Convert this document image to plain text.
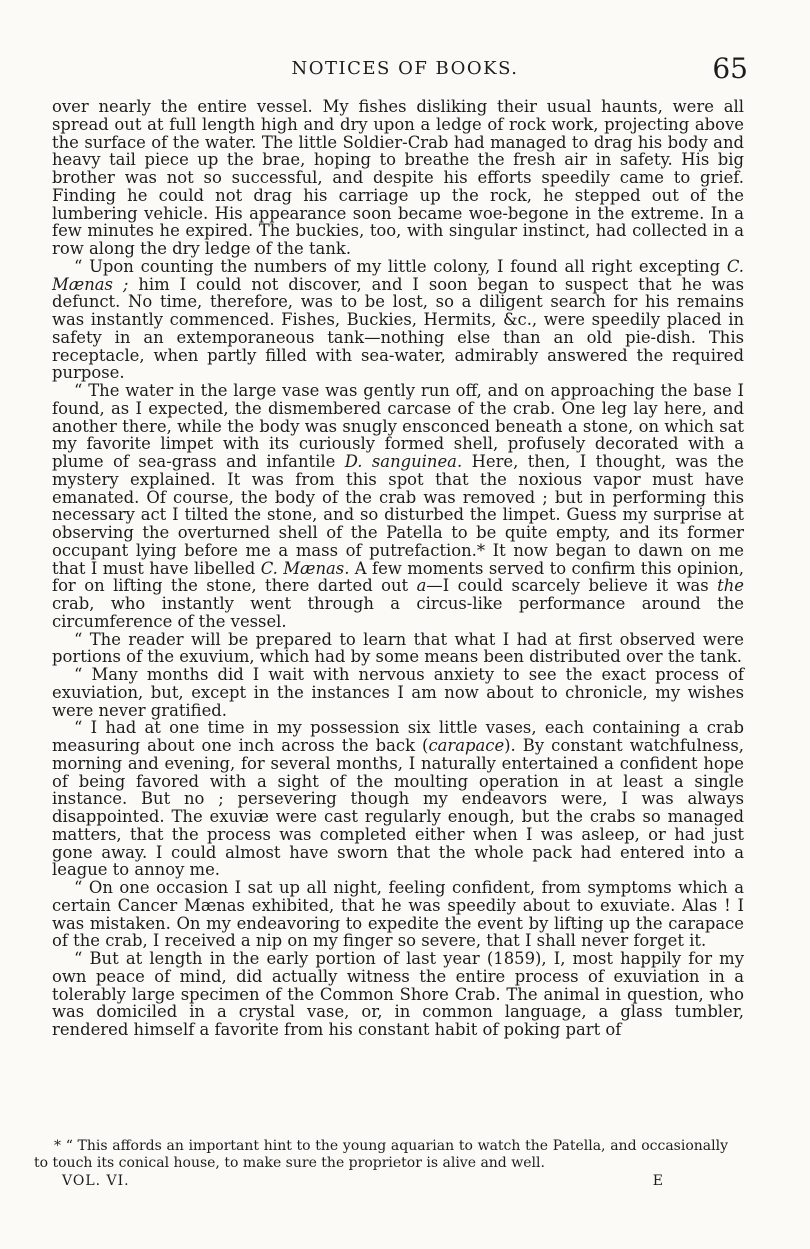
NOTICES OF BOOKS.	65

over nearly the entire vessel. My fishes disliking their usual haunts, were all spread out at full length high and dry upon a ledge of rock work, projecting above the surface of the water. The little Soldier-Crab had managed to drag his body and heavy tail piece up the brae, hoping to breathe the fresh air in safety. His big brother was not so successful, and despite his efforts speedily came to grief. Finding he could not drag his carriage up the rock, he stepped out of the lumbering vehicle. His appearance soon became woe-begone in the extreme. In a few minutes he expired. The buckies, too, with singular instinct, had collected in a row along the dry ledge of the tank.

“ Upon counting the numbers of my little colony, I found all right excepting C. Mænas ; him I could not discover, and I soon began to suspect that he was defunct. No time, therefore, was to be lost, so a diligent search for his remains was instantly commenced. Fishes, Buckies, Hermits, &c., were speedily placed in safety in an extemporaneous tank—nothing else than an old pie-dish. This receptacle, when partly filled with sea-water, admirably answered the required purpose.

“ The water in the large vase was gently run off, and on approaching the base I found, as I expected, the dismembered carcase of the crab. One leg lay here, and another there, while the body was snugly ensconced beneath a stone, on which sat my favorite limpet with its curiously formed shell, profusely decorated with a plume of sea-grass and infantile D. sanguinea. Here, then, I thought, was the mystery explained. It was from this spot that the noxious vapor must have emanated. Of course, the body of the crab was removed ; but in performing this necessary act I tilted the stone, and so disturbed the limpet. Guess my surprise at observing the overturned shell of the Patella to be quite empty, and its former occupant lying before me a mass of putrefaction.* It now began to dawn on me that I must have libelled C. Mænas. A few moments served to confirm this opinion, for on lifting the stone, there darted out a—I could scarcely believe it was the crab, who instantly went through a circus-like performance around the circumference of the vessel.

“ The reader will be prepared to learn that what I had at first observed were portions of the exuvium, which had by some means been distributed over the tank.

“ Many months did I wait with nervous anxiety to see the exact process of exuviation, but, except in the instances I am now about to chronicle, my wishes were never gratified.

“ I had at one time in my possession six little vases, each containing a crab measuring about one inch across the back (carapace). By constant watchfulness, morning and evening, for several months, I naturally entertained a confident hope of being favored with a sight of the moulting operation in at least a single instance. But no ; persevering though my endeavors were, I was always disappointed. The exuviæ were cast regularly enough, but the crabs so managed matters, that the process was completed either when I was asleep, or had just gone away. I could almost have sworn that the whole pack had entered into a league to annoy me.

“ On one occasion I sat up all night, feeling confident, from symptoms which a certain Cancer Mænas exhibited, that he was speedily about to exuviate. Alas ! I was mistaken. On my endeavoring to expedite the event by lifting up the carapace of the crab, I received a nip on my finger so severe, that I shall never forget it.

“ But at length in the early portion of last year (1859), I, most happily for my own peace of mind, did actually witness the entire process of exuviation in a tolerably large specimen of the Common Shore Crab. The animal in question, who was domiciled in a crystal vase, or, in common language, a glass tumbler, rendered himself a favorite from his constant habit of poking part of

* “ This affords an important hint to the young aquarian to watch the Patella, and occasionally to touch its conical house, to make sure the proprietor is alive and well.

VOL. VI.	E
